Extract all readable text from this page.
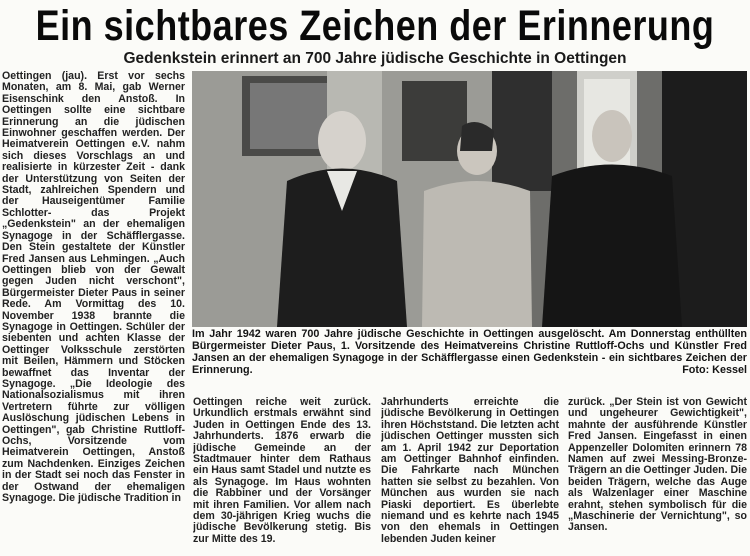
Ein sichtbares Zeichen der Erinnerung
Gedenkstein erinnert an 700 Jahre jüdische Geschichte in Oettingen

Oettingen (jau). Erst vor sechs Monaten, am 8. Mai, gab Werner Eisenschink den Anstoß. In Oettingen sollte eine sichtbare Erinnerung an die jüdischen Einwohner geschaffen werden. Der Heimatverein Oettingen e.V. nahm sich dieses Vorschlags an und realisierte in kürzester Zeit - dank der Unterstützung von Seiten der Stadt, zahlreichen Spendern und der Hauseigentümer Familie Schlotter- das Projekt „Gedenkstein" an der ehemaligen Synagoge in der Schäfflergasse. Den Stein gestaltete der Künstler Fred Jansen aus Lehmingen. „Auch Oettingen blieb von der Gewalt gegen Juden nicht verschont", Bürgermeister Dieter Paus in seiner Rede. Am Vormittag des 10. November 1938 brannte die Synagoge in Oettingen. Schüler der siebenten und achten Klasse der Oettinger Volksschule zerstörten mit Beilen, Hämmern und Stöcken bewaffnet das Inventar der Synagoge. „Die Ideologie des Nationalsozialismus mit ihren Vertretern führte zur völligen Auslöschung jüdischen Lebens in Oettingen", gab Christine Ruttloff-Ochs, Vorsitzende vom Heimatverein Oettingen, Anstoß zum Nachdenken. Einziges Zeichen in der Stadt sei noch das Fenster in der Ostwand der ehemaligen Synagoge. Die jüdische Tradition in

Im Jahr 1942 waren 700 Jahre jüdische Geschichte in Oettingen ausgelöscht. Am Donnerstag enthüllten Bürgermeister Dieter Paus, 1. Vorsitzende des Heimatvereins Christine Ruttloff-Ochs und Künstler Fred Jansen an der ehemaligen Synagoge in der Schäfflergasse einen Gedenkstein - ein sichtbares Zeichen der Erinnerung.	Foto: Kessel

Oettingen reiche weit zurück. Urkundlich erstmals erwähnt sind Juden in Oettingen Ende des 13. Jahrhunderts. 1876 erwarb die jüdische Gemeinde an der Stadtmauer hinter dem Rathaus ein Haus samt Stadel und nutzte es als Synagoge. Im Haus wohnten die Rabbiner und der Vorsänger mit ihren Familien. Vor allem nach dem 30-jährigen Krieg wuchs die jüdische Bevölkerung stetig. Bis zur Mitte des 19.

Jahrhunderts erreichte die jüdische Bevölkerung in Oettingen ihren Höchststand. Die letzten acht jüdischen Oettinger mussten sich am 1. April 1942 zur Deportation am Oettinger Bahnhof einfinden. Die Fahrkarte nach München hatten sie selbst zu bezahlen. Von München aus wurden sie nach Piaski deportiert. Es überlebte niemand und es kehrte nach 1945 von den ehemals in Oettingen lebenden Juden keiner

zurück. „Der Stein ist von Gewicht und ungeheurer Gewichtigkeit", mahnte der ausführende Künstler Fred Jansen. Eingefasst in einen Appenzeller Dolomiten erinnern 78 Namen auf zwei Messing-Bronze-Trägern an die Oettinger Juden. Die beiden Trägern, welche das Auge als Walzenlager einer Maschine erahnt, stehen symbolisch für die „Maschinerie der Vernichtung", so Jansen.
